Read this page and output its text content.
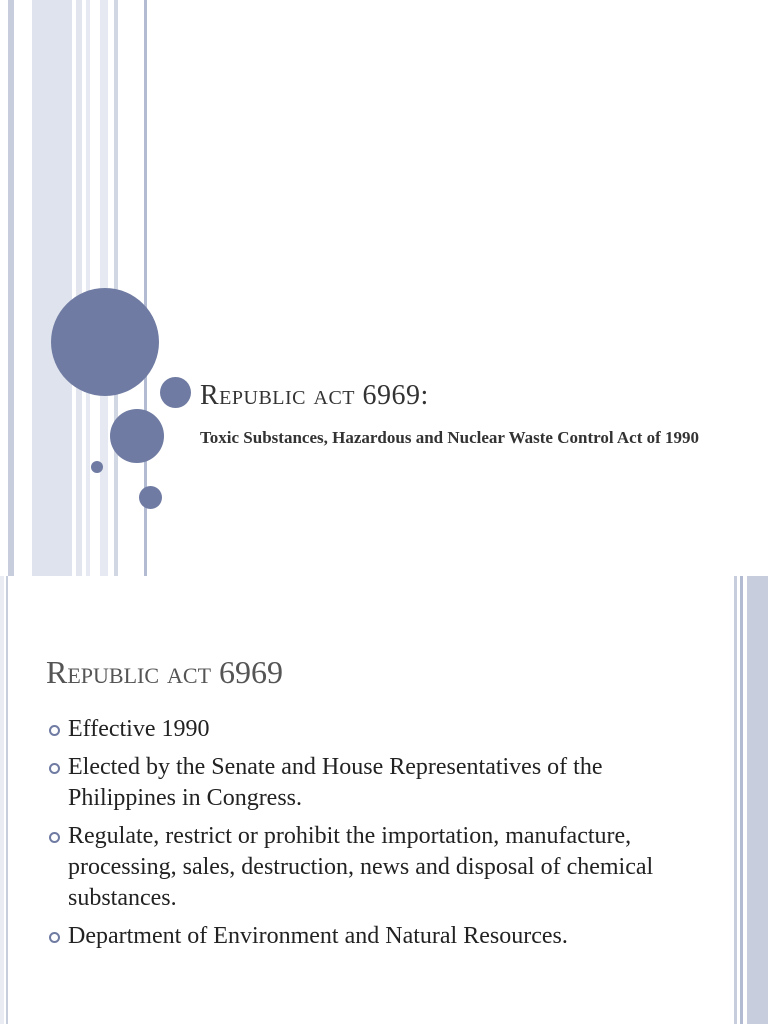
Republic act 6969:

Toxic Substances, Hazardous and Nuclear Waste Control Act of 1990

Republic act 6969
Effective 1990
Elected by the Senate and House Representatives of the Philippines in Congress.
Regulate, restrict or prohibit the importation, manufacture, processing, sales, destruction, news and disposal of chemical substances.
Department of Environment and Natural Resources.
